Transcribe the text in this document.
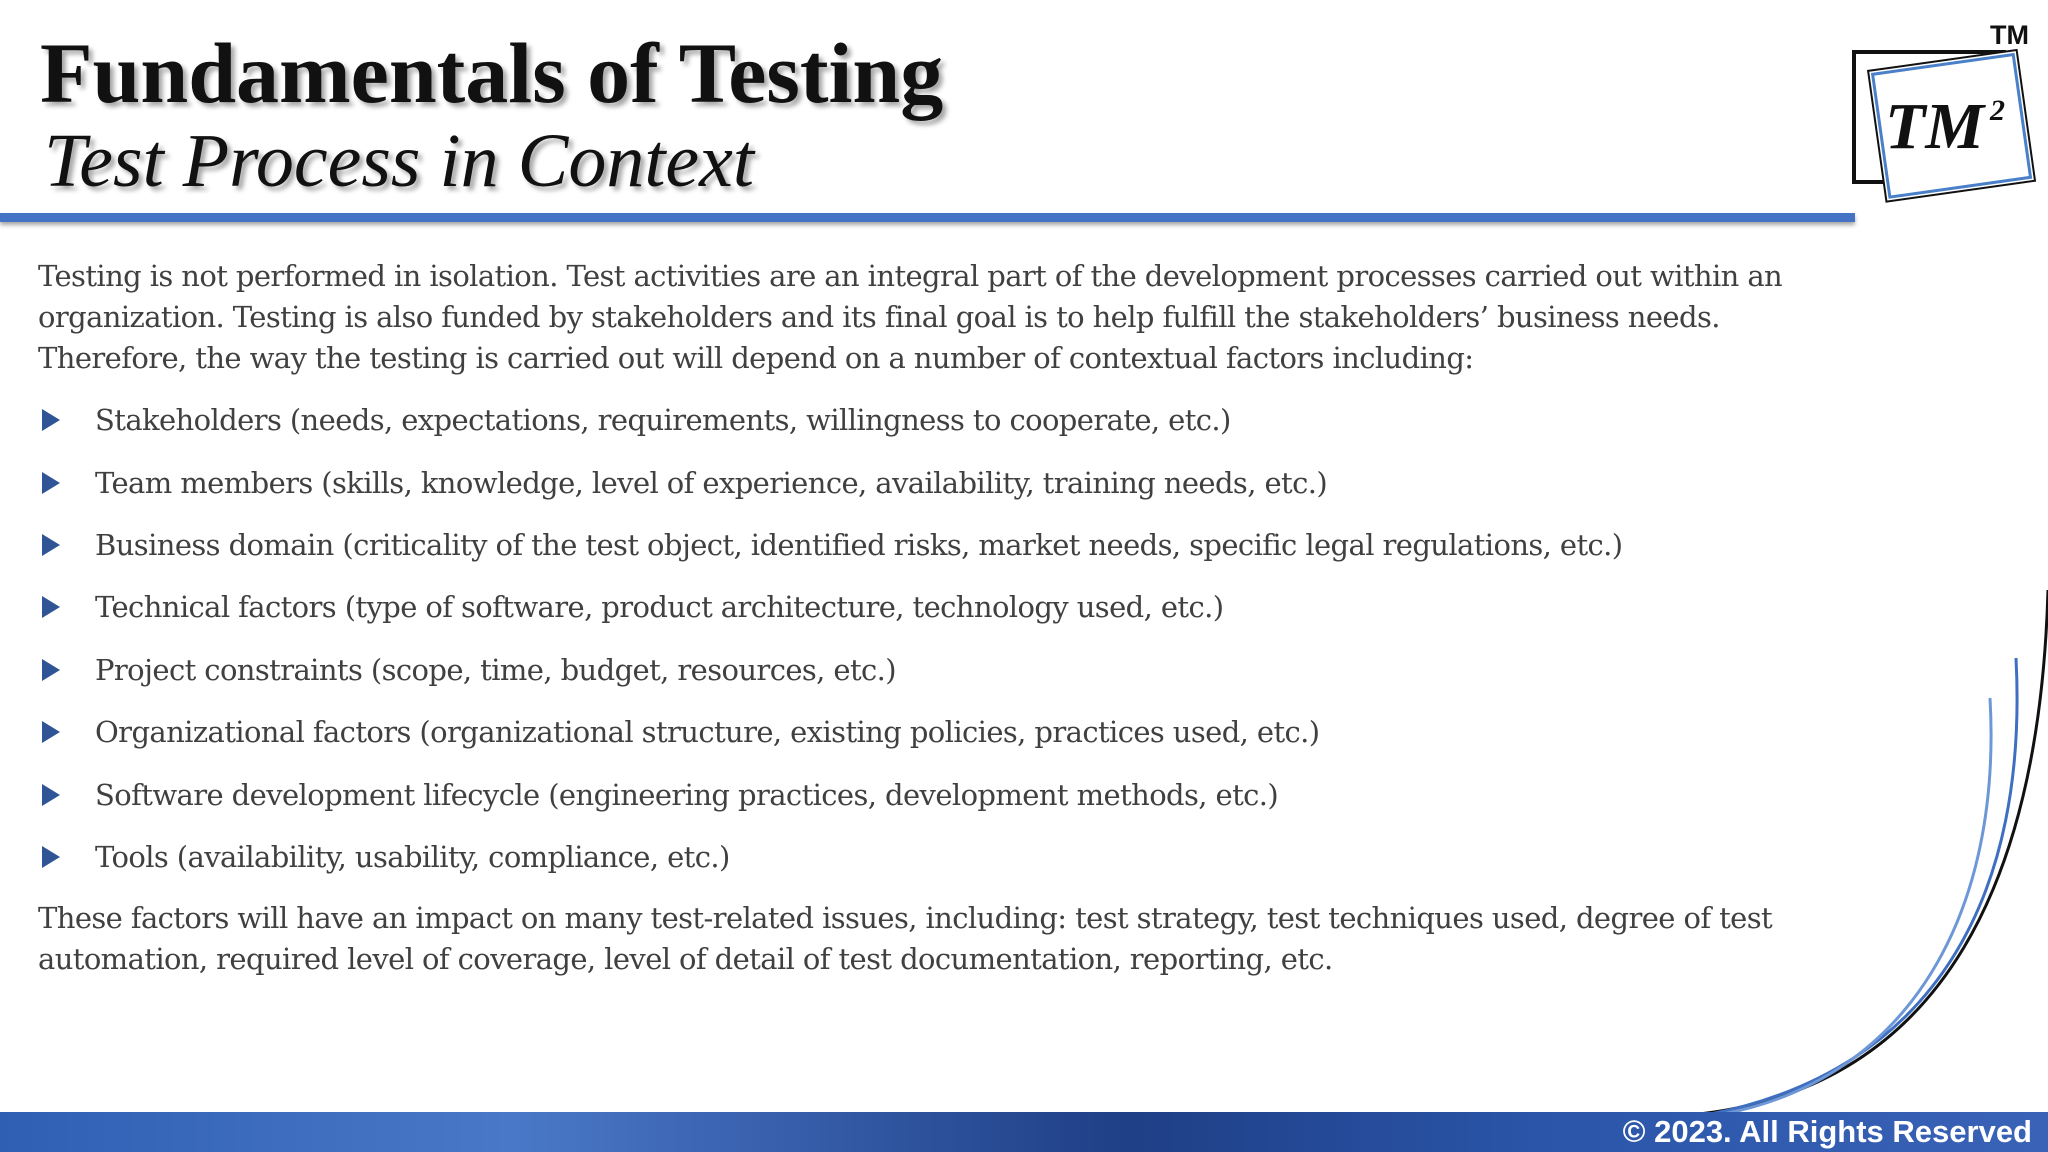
Fundamentals of Testing
Test Process in Context	TM 2
TM

Testing is not performed in isolation. Test activities are an integral part of the development processes carried out within an organization. Testing is also funded by stakeholders and its final goal is to help fulfill the stakeholders’ business needs. Therefore, the way the testing is carried out will depend on a number of contextual factors including:

Stakeholders (needs, expectations, requirements, willingness to cooperate, etc.)
Team members (skills, knowledge, level of experience, availability, training needs, etc.)
Business domain (criticality of the test object, identified risks, market needs, specific legal regulations, etc.)
Technical factors (type of software, product architecture, technology used, etc.)
Project constraints (scope, time, budget, resources, etc.)
Organizational factors (organizational structure, existing policies, practices used, etc.)
Software development lifecycle (engineering practices, development methods, etc.)
Tools (availability, usability, compliance, etc.)

These factors will have an impact on many test-related issues, including: test strategy, test techniques used, degree of test automation, required level of coverage, level of detail of test documentation, reporting, etc.

© 2023. All Rights Reserved
